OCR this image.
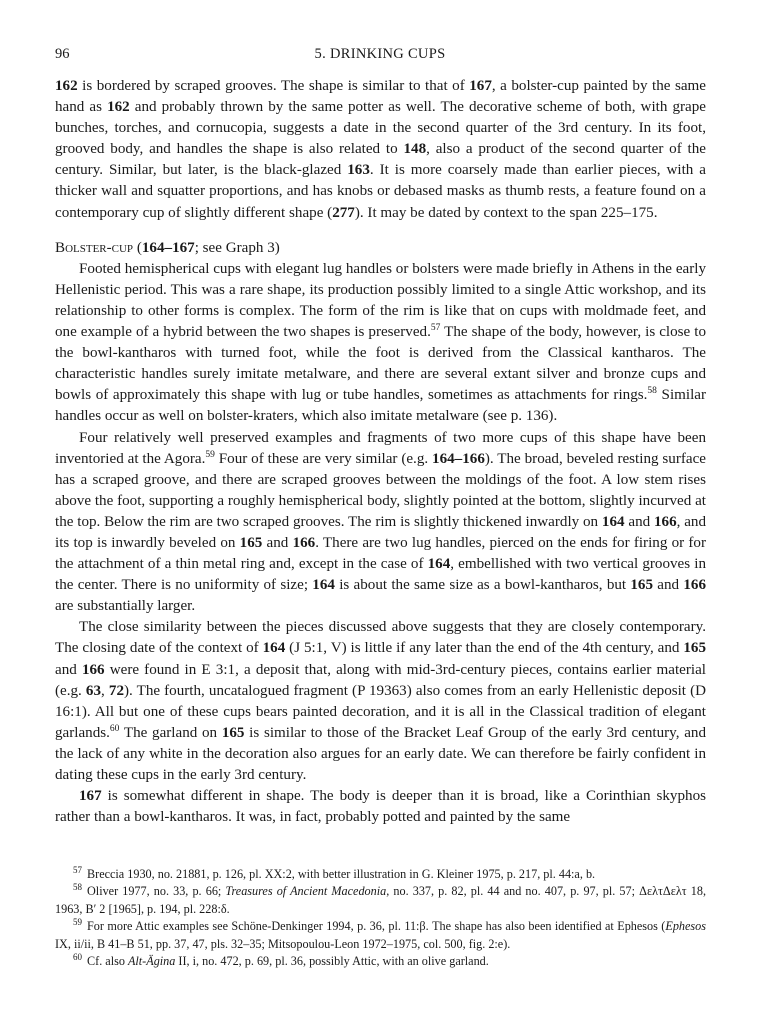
96	5. DRINKING CUPS

162 is bordered by scraped grooves. The shape is similar to that of 167, a bolster-cup painted by the same hand as 162 and probably thrown by the same potter as well. The decorative scheme of both, with grape bunches, torches, and cornucopia, suggests a date in the second quarter of the 3rd century. In its foot, grooved body, and handles the shape is also related to 148, also a product of the second quarter of the century. Similar, but later, is the black-glazed 163. It is more coarsely made than earlier pieces, with a thicker wall and squatter proportions, and has knobs or debased masks as thumb rests, a feature found on a contemporary cup of slightly different shape (277). It may be dated by context to the span 225–175.

Bolster-cup (164–167; see Graph 3)

Footed hemispherical cups with elegant lug handles or bolsters were made briefly in Athens in the early Hellenistic period. This was a rare shape, its production possibly limited to a single Attic workshop, and its relationship to other forms is complex. The form of the rim is like that on cups with moldmade feet, and one example of a hybrid between the two shapes is preserved.$^{57}$ The shape of the body, however, is close to the bowl-kantharos with turned foot, while the foot is derived from the Classical kantharos. The characteristic handles surely imitate metalware, and there are several extant silver and bronze cups and bowls of approximately this shape with lug or tube handles, sometimes as attachments for rings.$^{58}$ Similar handles occur as well on bolster-kraters, which also imitate metalware (see p. 136).

Four relatively well preserved examples and fragments of two more cups of this shape have been inventoried at the Agora.$^{59}$ Four of these are very similar (e.g. 164–166). The broad, beveled resting surface has a scraped groove, and there are scraped grooves between the moldings of the foot. A low stem rises above the foot, supporting a roughly hemispherical body, slightly pointed at the bottom, slightly incurved at the top. Below the rim are two scraped grooves. The rim is slightly thickened inwardly on 164 and 166, and its top is inwardly beveled on 165 and 166. There are two lug handles, pierced on the ends for firing or for the attachment of a thin metal ring and, except in the case of 164, embellished with two vertical grooves in the center. There is no uniformity of size; 164 is about the same size as a bowl-kantharos, but 165 and 166 are substantially larger.

The close similarity between the pieces discussed above suggests that they are closely contemporary. The closing date of the context of 164 (J 5:1, V) is little if any later than the end of the 4th century, and 165 and 166 were found in E 3:1, a deposit that, along with mid-3rd-century pieces, contains earlier material (e.g. 63, 72). The fourth, uncatalogued fragment (P 19363) also comes from an early Hellenistic deposit (D 16:1). All but one of these cups bears painted decoration, and it is all in the Classical tradition of elegant garlands.$^{60}$ The garland on 165 is similar to those of the Bracket Leaf Group of the early 3rd century, and the lack of any white in the decoration also argues for an early date. We can therefore be fairly confident in dating these cups in the early 3rd century.

167 is somewhat different in shape. The body is deeper than it is broad, like a Corinthian skyphos rather than a bowl-kantharos. It was, in fact, probably potted and painted by the same

$^{57}$ Breccia 1930, no. 21881, p. 126, pl. XX:2, with better illustration in G. Kleiner 1975, p. 217, pl. 44:a, b.

$^{58}$ Oliver 1977, no. 33, p. 66; Treasures of Ancient Macedonia, no. 337, p. 82, pl. 44 and no. 407, p. 97, pl. 57; ΔελτΔελτ 18, 1963, Β′ 2 [1965], p. 194, pl. 228:δ.

$^{59}$ For more Attic examples see Schöne-Denkinger 1994, p. 36, pl. 11:β. The shape has also been identified at Ephesos (Ephesos IX, ii/ii, B 41–B 51, pp. 37, 47, pls. 32–35; Mitsopoulou-Leon 1972–1975, col. 500, fig. 2:e).

$^{60}$ Cf. also Alt-Ägina II, i, no. 472, p. 69, pl. 36, possibly Attic, with an olive garland.
